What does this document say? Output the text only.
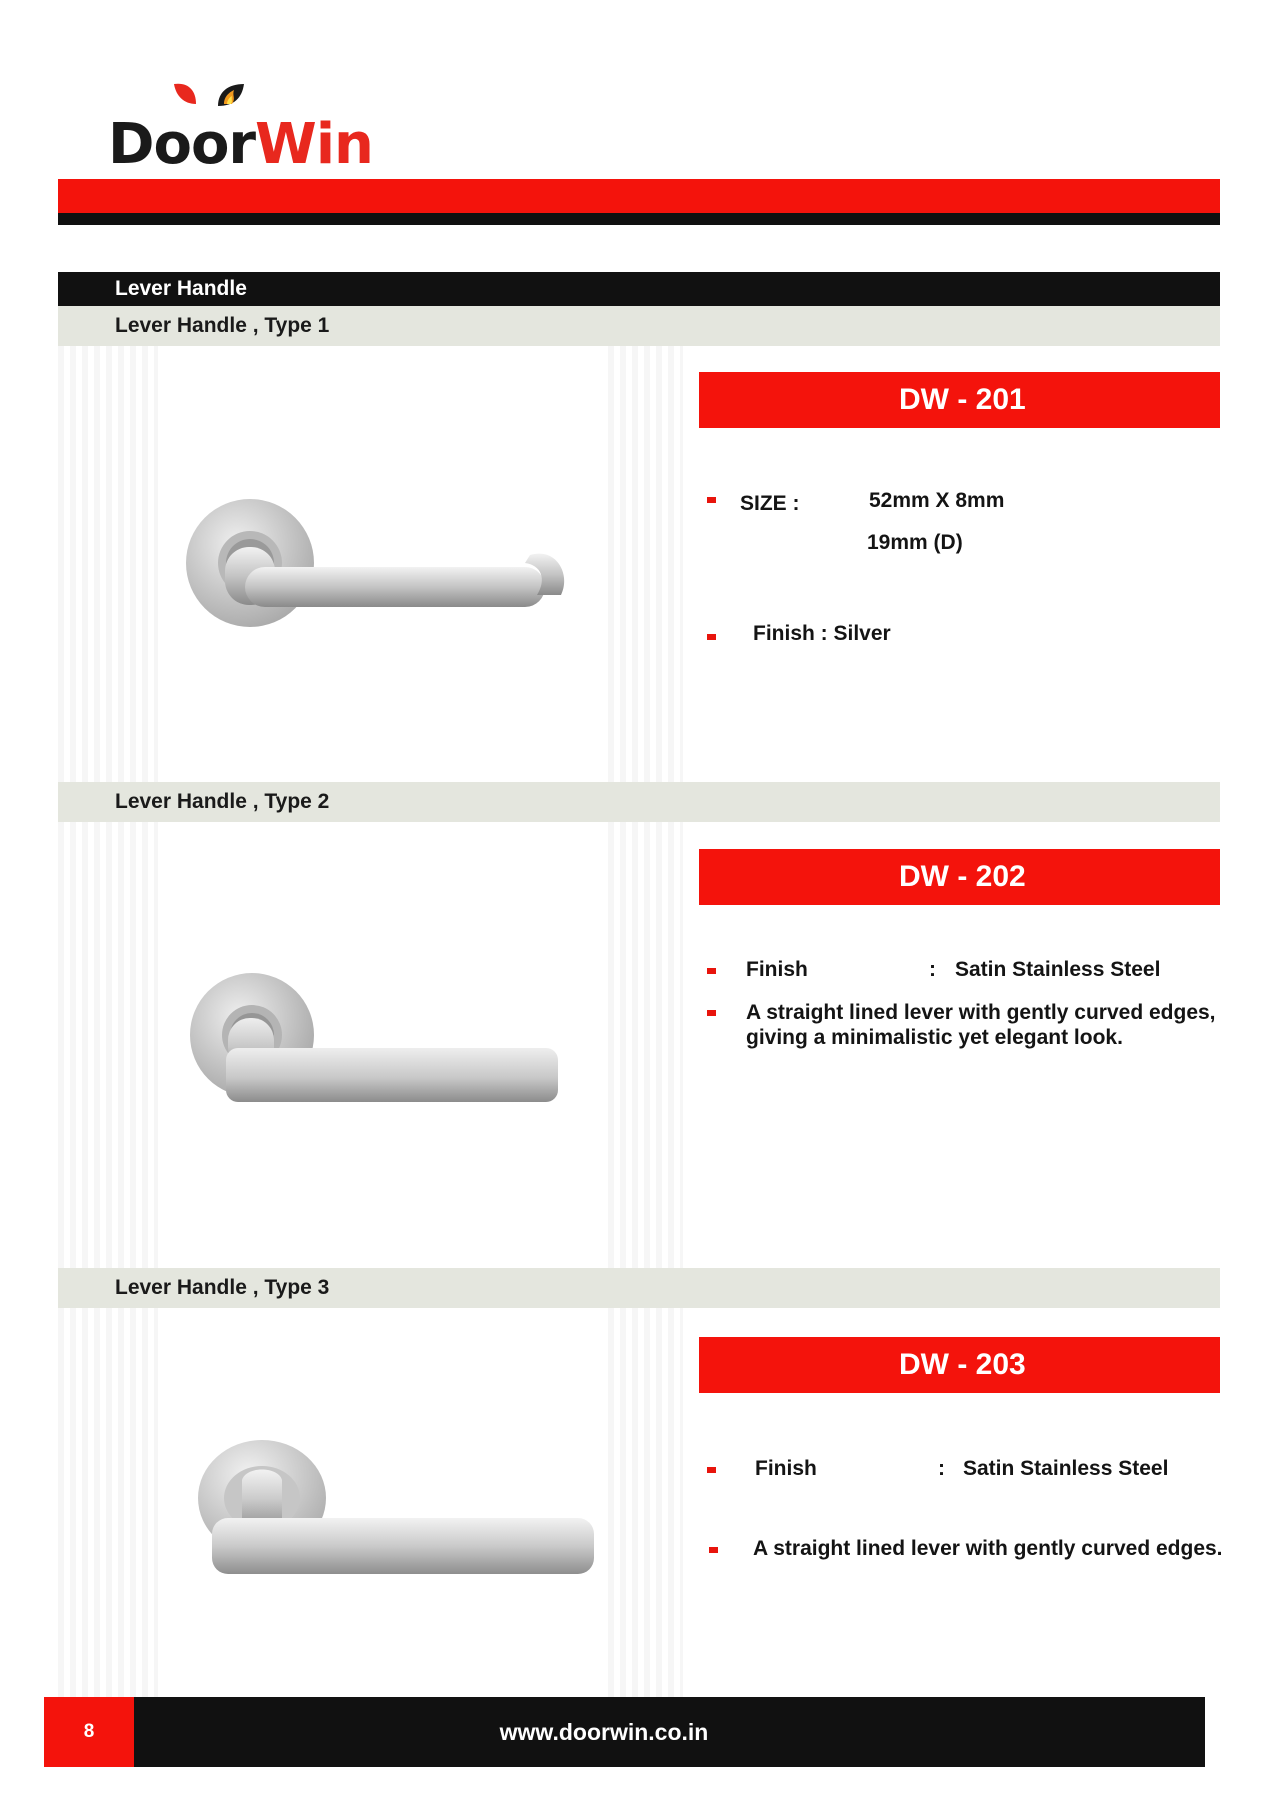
DoorWin
Lever Handle
Lever Handle , Type 1
DW - 201
SIZE :	52mm X 8mm
19mm (D)
Finish : Silver
Lever Handle , Type 2
DW - 202
Finish	: Satin Stainless Steel
A straight lined lever with gently curved edges,
giving a minimalistic yet elegant look.
Lever Handle , Type 3
DW - 203
Finish	: Satin Stainless Steel
A straight lined lever with gently curved edges.
8	www.doorwin.co.in
